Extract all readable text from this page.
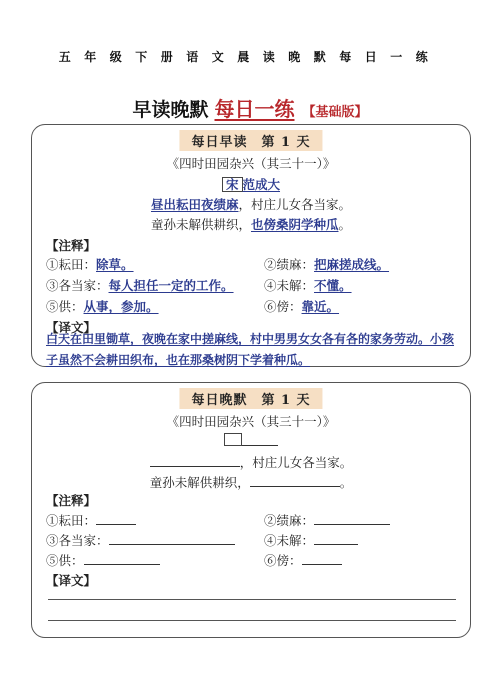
五年级下册语文晨读晚默每日一练
早读晚默 每日一练 【基础版】
每日早读　第 1 天
《四时田园杂兴（其三十一）》
宋 范成大
昼出耘田夜绩麻，村庄儿女各当家。
童孙未解供耕织，也傍桑阴学种瓜。
【注释】
①耘田：除草。	②绩麻：把麻搓成线。
③各当家：每人担任一定的工作。 ④未解：不懂。
⑤供：从事，参加。	⑥傍：靠近。
【译文】
白天在田里锄草，夜晚在家中搓麻线，村中男男女女各有各的家务劳动。小孩子虽然不会耕田织布，也在那桑树阴下学着种瓜。
每日晚默　第 1 天
《四时田园杂兴（其三十一）》
，村庄儿女各当家。
童孙未解供耕织，	。
【注释】
①耘田：	②绩麻：
③各当家：	④未解：
⑤供：	⑥傍：
【译文】
